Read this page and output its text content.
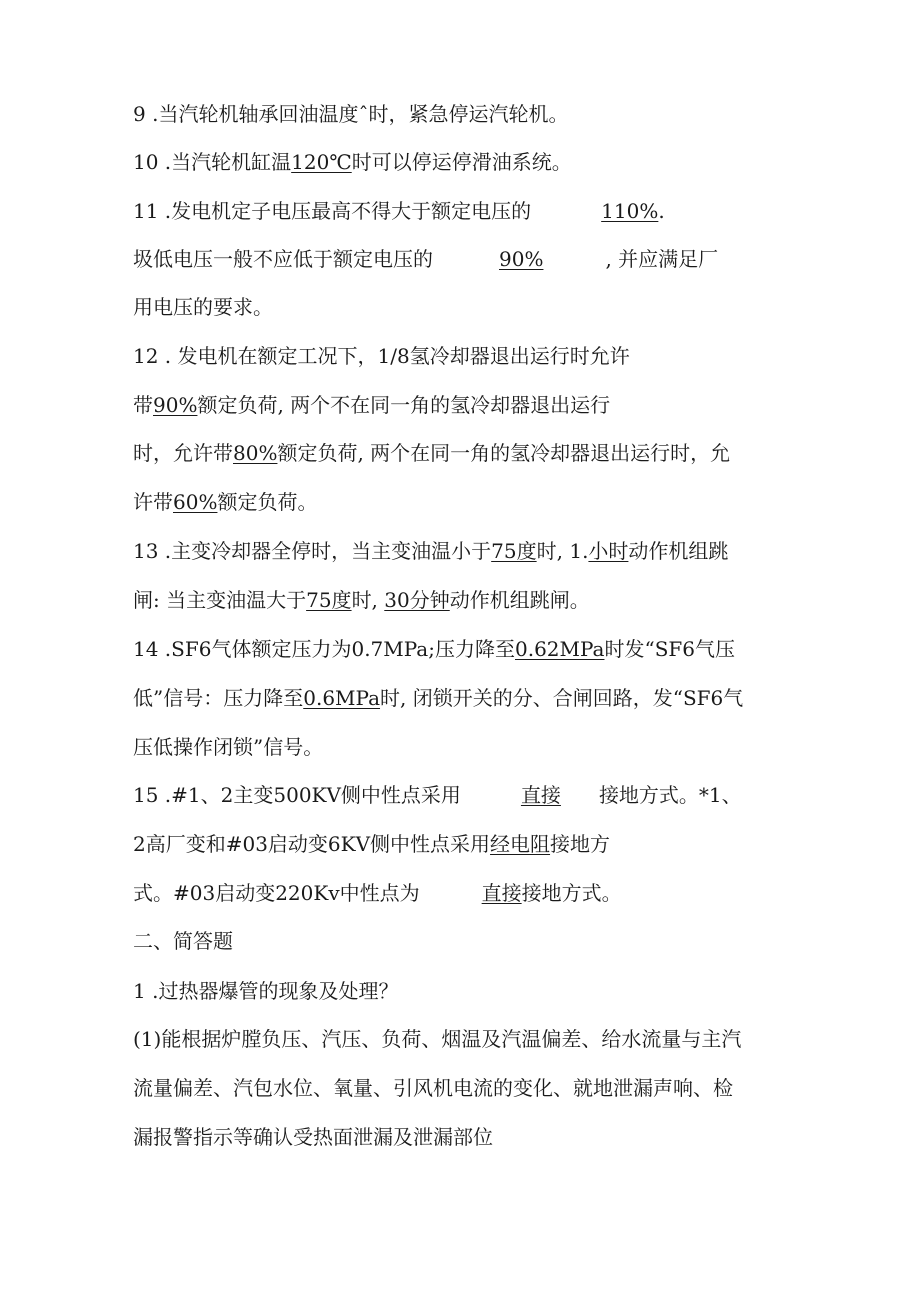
9 .当汽轮机轴承回油温度ˆ时，紧急停运汽轮机。
10 .当汽轮机缸温120℃时可以停运停滑油系统。
11 .发电机定子电压最高不得大于额定电压的	110%.
圾低电压一般不应低于额定电压的	90%	, 并应满足厂
用电压的要求。
12 . 发电机在额定工况下，1/8氢冷却器退出运行时允许
带90%额定负荷, 两个不在同一角的氢冷却器退出运行
时，允许带80%额定负荷, 两个在同一角的氢冷却器退出运行时，允
许带60%额定负荷。
13 .主变冷却器全停时，当主变油温小于75度时, 1.小时动作机组跳
闸: 当主变油温大于75度时, 30分钟动作机组跳闸。
14 .SF6气体额定压力为0.7MPa;压力降至0.62MPa时发“SF6气压
低”信号：压力降至0.6MPa时, 闭锁开关的分、合闸回路，发“SF6气
压低操作闭锁”信号。
15 .#1、2主变500KV侧中性点采用	直接 接地方式。*1、
2高厂变和#03启动变6KV侧中性点采用经电阻接地方
式。#03启动变220Kv中性点为	直接接地方式。
二、简答题
1 .过热器爆管的现象及处理？
(1)能根据炉膛负压、汽压、负荷、烟温及汽温偏差、给水流量与主汽
流量偏差、汽包水位、氧量、引风机电流的变化、就地泄漏声响、检
漏报警指示等确认受热面泄漏及泄漏部位
